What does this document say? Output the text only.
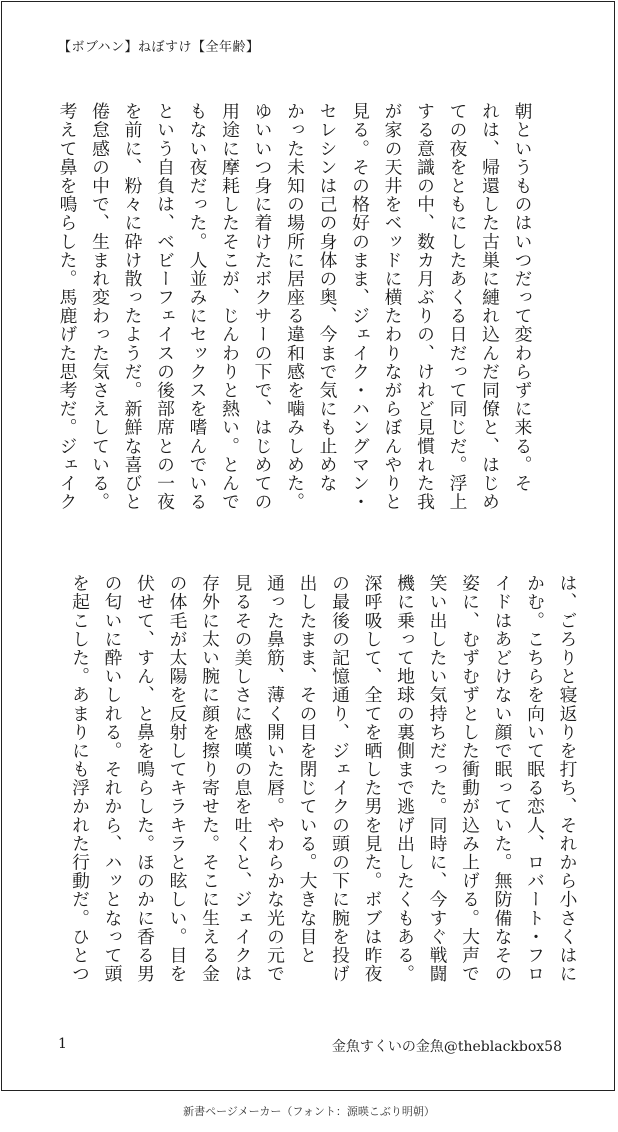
【ボブハン】ねぼすけ【全年齢】
朝というものはいつだって変わらずに来る。そ
れは、帰還した古巣に縺れ込んだ同僚と、はじめ
ての夜をともにしたあくる日だって同じだ。浮上
する意識の中、数カ月ぶりの、けれど見慣れた我
が家の天井をベッドに横たわりながらぼんやりと
見る。その格好のまま、ジェイク・ハングマン・
セレシンは己の身体の奥、今まで気にも止めな
かった未知の場所に居座る違和感を噛みしめた。
ゆいいつ身に着けたボクサーの下で、はじめての
用途に摩耗したそこが、じんわりと熱い。とんで
もない夜だった。人並みにセックスを嗜んでいる
という自負は、ベビーフェイスの後部席との一夜
を前に、粉々に砕け散ったようだ。新鮮な喜びと
倦怠感の中で、生まれ変わった気さえしている。
考えて鼻を鳴らした。馬鹿げた思考だ。ジェイク
は、ごろりと寝返りを打ち、それから小さくはに
かむ。こちらを向いて眠る恋人、ロバート・フロ
イドはあどけない顔で眠っていた。無防備なその
姿に、むずむずとした衝動が込み上げる。大声で
笑い出したい気持ちだった。同時に、今すぐ戦闘
機に乗って地球の裏側まで逃げ出したくもある。
深呼吸して、全てを晒した男を見た。ボブは昨夜
の最後の記憶通り、ジェイクの頭の下に腕を投げ
出したまま、その目を閉じている。大きな目と
通った鼻筋、薄く開いた唇。やわらかな光の元で
見るその美しさに感嘆の息を吐くと、ジェイクは
存外に太い腕に顔を擦り寄せた。そこに生える金
の体毛が太陽を反射してキラキラと眩しい。目を
伏せて、すん、と鼻を鳴らした。ほのかに香る男
の匂いに酔いしれる。それから、ハッとなって頭
を起こした。あまりにも浮かれた行動だ。ひとつ
1	金魚すくいの金魚@theblackbox58
新書ページメーカー（フォント：源暎こぶり明朝）
